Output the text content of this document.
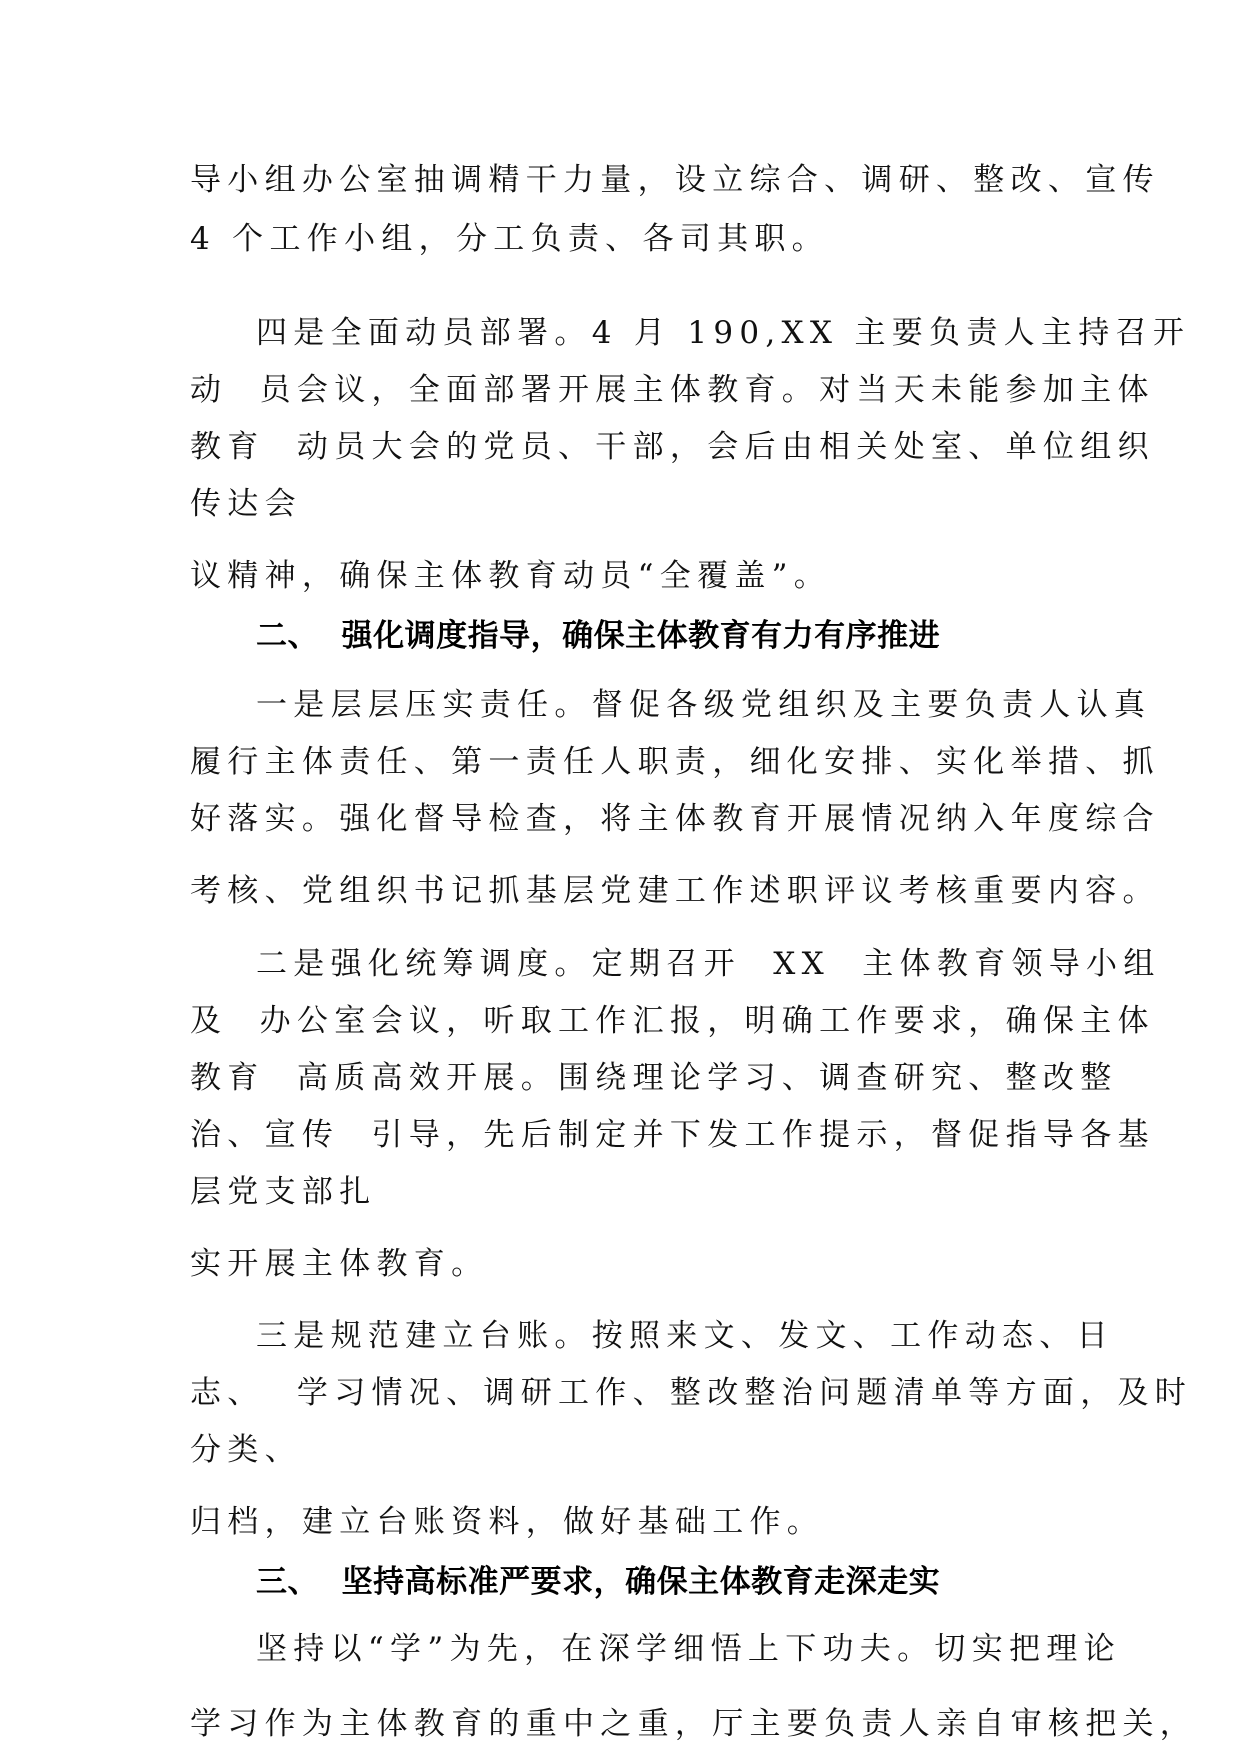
导小组办公室抽调精干力量，设立综合、调研、整改、宣传
4 个工作小组，分工负责、各司其职。
四是全面动员部署。4 月 190,XX 主要负责人主持召开
动  员会议，全面部署开展主体教育。对当天未能参加主体
教育  动员大会的党员、干部，会后由相关处室、单位组织
传达会
议精神，确保主体教育动员“全覆盖”。
二、  强化调度指导，确保主体教育有力有序推进
一是层层压实责任。督促各级党组织及主要负责人认真
履行主体责任、第一责任人职责，细化安排、实化举措、抓
好落实。强化督导检查，将主体教育开展情况纳入年度综合
考核、党组织书记抓基层党建工作述职评议考核重要内容。
二是强化统筹调度。定期召开  XX  主体教育领导小组
及  办公室会议，听取工作汇报，明确工作要求，确保主体
教育  高质高效开展。围绕理论学习、调查研究、整改整
治、宣传  引导，先后制定并下发工作提示，督促指导各基
层党支部扎
实开展主体教育。
三是规范建立台账。按照来文、发文、工作动态、日
志、  学习情况、调研工作、整改整治问题清单等方面，及时
分类、
归档，建立台账资料，做好基础工作。
三、  坚持高标准严要求，确保主体教育走深走实
坚持以“学”为先，在深学细悟上下功夫。切实把理论
学习作为主体教育的重中之重，厅主要负责人亲自审核把关，
